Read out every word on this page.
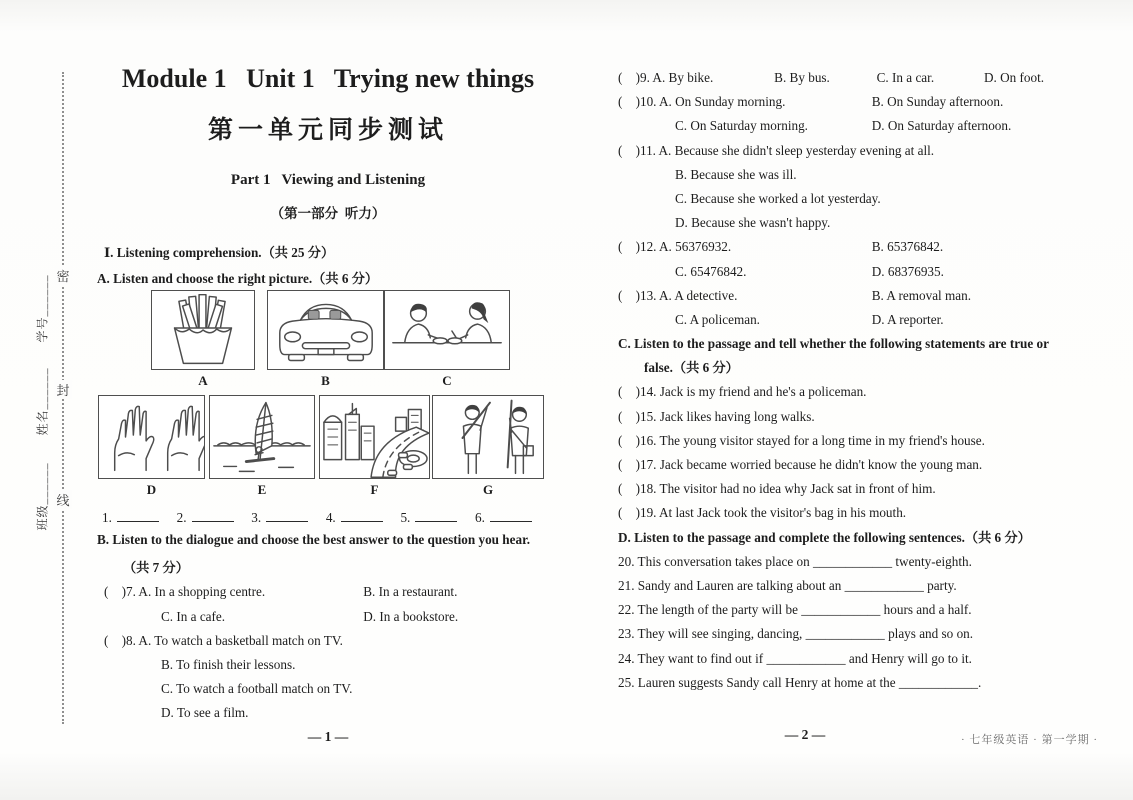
密
封
线
学号______
姓名______
班级______
Module 1   Unit 1   Trying new things
第一单元同步测试
Part 1   Viewing and Listening
（第一部分  听力）
Ⅰ. Listening comprehension.（共 25 分）
A. Listen and choose the right picture.（共 6 分）
A	B	C
D	E	F	G
1.	2.	3.	4.	5.	6.
B. Listen to the dialogue and choose the best answer to the question you hear.
（共 7 分）
(    )7. A. In a shopping centre.	B. In a restaurant.
C. In a cafe.	D. In a bookstore.
(    )8. A. To watch a basketball match on TV.
B. To finish their lessons.
C. To watch a football match on TV.
D. To see a film.
— 1 —
(    )9. A. By bike.	B. By bus.	C. In a car.	D. On foot.
(    )10. A. On Sunday morning.	B. On Sunday afternoon.
C. On Saturday morning.	D. On Saturday afternoon.
(    )11. A. Because she didn't sleep yesterday evening at all.
B. Because she was ill.
C. Because she worked a lot yesterday.
D. Because she wasn't happy.
(    )12. A. 56376932.	B. 65376842.
C. 65476842.	D. 68376935.
(    )13. A. A detective.	B. A removal man.
C. A policeman.	D. A reporter.
C. Listen to the passage and tell whether the following statements are true or
false.（共 6 分）
(    )14. Jack is my friend and he's a policeman.
(    )15. Jack likes having long walks.
(    )16. The young visitor stayed for a long time in my friend's house.
(    )17. Jack became worried because he didn't know the young man.
(    )18. The visitor had no idea why Jack sat in front of him.
(    )19. At last Jack took the visitor's bag in his mouth.
D. Listen to the passage and complete the following sentences.（共 6 分）
20. This conversation takes place on ____________ twenty-eighth.
21. Sandy and Lauren are talking about an ____________ party.
22. The length of the party will be ____________ hours and a half.
23. They will see singing, dancing, ____________ plays and so on.
24. They want to find out if ____________ and Henry will go to it.
25. Lauren suggests Sandy call Henry at home at the ____________.
— 2 —	· 七年级英语 · 第一学期 ·
